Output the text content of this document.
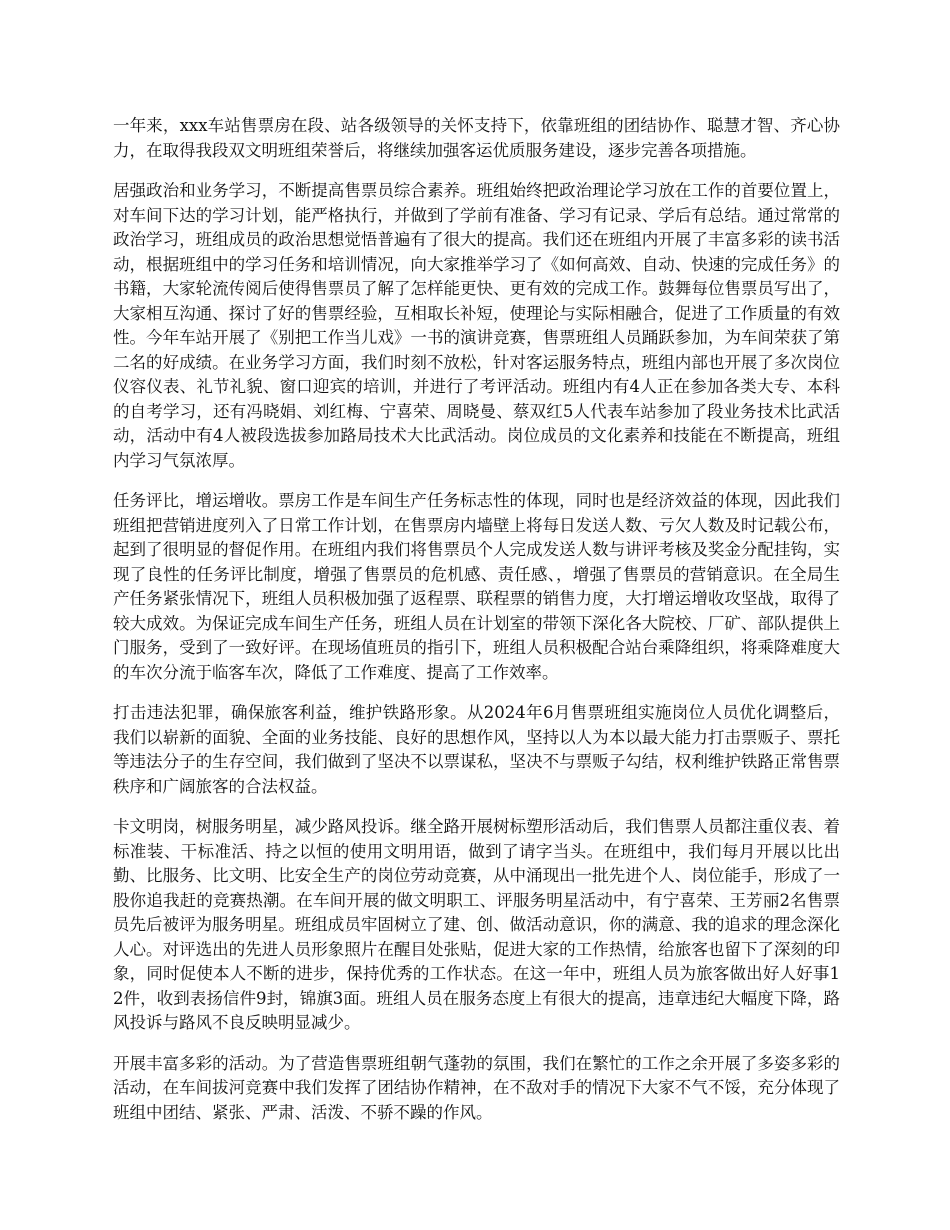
一年来，xxx车站售票房在段、站各级领导的关怀支持下，依靠班组的团结协作、聪慧才智、齐心协力，在取得我段双文明班组荣誉后，将继续加强客运优质服务建设，逐步完善各项措施。

居强政治和业务学习，不断提高售票员综合素养。班组始终把政治理论学习放在工作的首要位置上，对车间下达的学习计划，能严格执行，并做到了学前有准备、学习有记录、学后有总结。通过常常的政治学习，班组成员的政治思想觉悟普遍有了很大的提高。我们还在班组内开展了丰富多彩的读书活动，根据班组中的学习任务和培训情况，向大家推举学习了《如何高效、自动、快速的完成任务》的书籍，大家轮流传阅后使得售票员了解了怎样能更快、更有效的完成工作。鼓舞每位售票员写出了，大家相互沟通、探讨了好的售票经验，互相取长补短，使理论与实际相融合，促进了工作质量的有效性。今年车站开展了《别把工作当儿戏》一书的演讲竞赛，售票班组人员踊跃参加，为车间荣获了第二名的好成绩。在业务学习方面，我们时刻不放松，针对客运服务特点，班组内部也开展了多次岗位仪容仪表、礼节礼貌、窗口迎宾的培训，并进行了考评活动。班组内有4人正在参加各类大专、本科的自考学习，还有冯晓娟、刘红梅、宁喜荣、周晓曼、蔡双红5人代表车站参加了段业务技术比武活动，活动中有4人被段选拔参加路局技术大比武活动。岗位成员的文化素养和技能在不断提高，班组内学习气氛浓厚。

任务评比，增运增收。票房工作是车间生产任务标志性的体现，同时也是经济效益的体现，因此我们班组把营销进度列入了日常工作计划，在售票房内墙壁上将每日发送人数、亏欠人数及时记载公布，起到了很明显的督促作用。在班组内我们将售票员个人完成发送人数与讲评考核及奖金分配挂钩，实现了良性的任务评比制度，增强了售票员的危机感、责任感、，增强了售票员的营销意识。在全局生产任务紧张情况下，班组人员积极加强了返程票、联程票的销售力度，大打增运增收攻坚战，取得了较大成效。为保证完成车间生产任务，班组人员在计划室的带领下深化各大院校、厂矿、部队提供上门服务，受到了一致好评。在现场值班员的指引下，班组人员积极配合站台乘降组织，将乘降难度大的车次分流于临客车次，降低了工作难度、提高了工作效率。

打击违法犯罪，确保旅客利益，维护铁路形象。从2024年6月售票班组实施岗位人员优化调整后，我们以崭新的面貌、全面的业务技能、良好的思想作风，坚持以人为本以最大能力打击票贩子、票托等违法分子的生存空间，我们做到了坚决不以票谋私，坚决不与票贩子勾结，权利维护铁路正常售票秩序和广阔旅客的合法权益。

卡文明岗，树服务明星，减少路风投诉。继全路开展树标塑形活动后，我们售票人员都注重仪表、着标准装、干标准活、持之以恒的使用文明用语，做到了请字当头。在班组中，我们每月开展以比出勤、比服务、比文明、比安全生产的岗位劳动竞赛，从中涌现出一批先进个人、岗位能手，形成了一股你追我赶的竞赛热潮。在车间开展的做文明职工、评服务明星活动中，有宁喜荣、王芳丽2名售票员先后被评为服务明星。班组成员牢固树立了建、创、做活动意识，你的满意、我的追求的理念深化人心。对评选出的先进人员形象照片在醒目处张贴，促进大家的工作热情，给旅客也留下了深刻的印象，同时促使本人不断的进步，保持优秀的工作状态。在这一年中，班组人员为旅客做出好人好事12件，收到表扬信件9封，锦旗3面。班组人员在服务态度上有很大的提高，违章违纪大幅度下降，路风投诉与路风不良反映明显减少。

开展丰富多彩的活动。为了营造售票班组朝气蓬勃的氛围，我们在繁忙的工作之余开展了多姿多彩的活动，在车间拔河竞赛中我们发挥了团结协作精神，在不敌对手的情况下大家不气不馁，充分体现了班组中团结、紧张、严肃、活泼、不骄不躁的作风。
